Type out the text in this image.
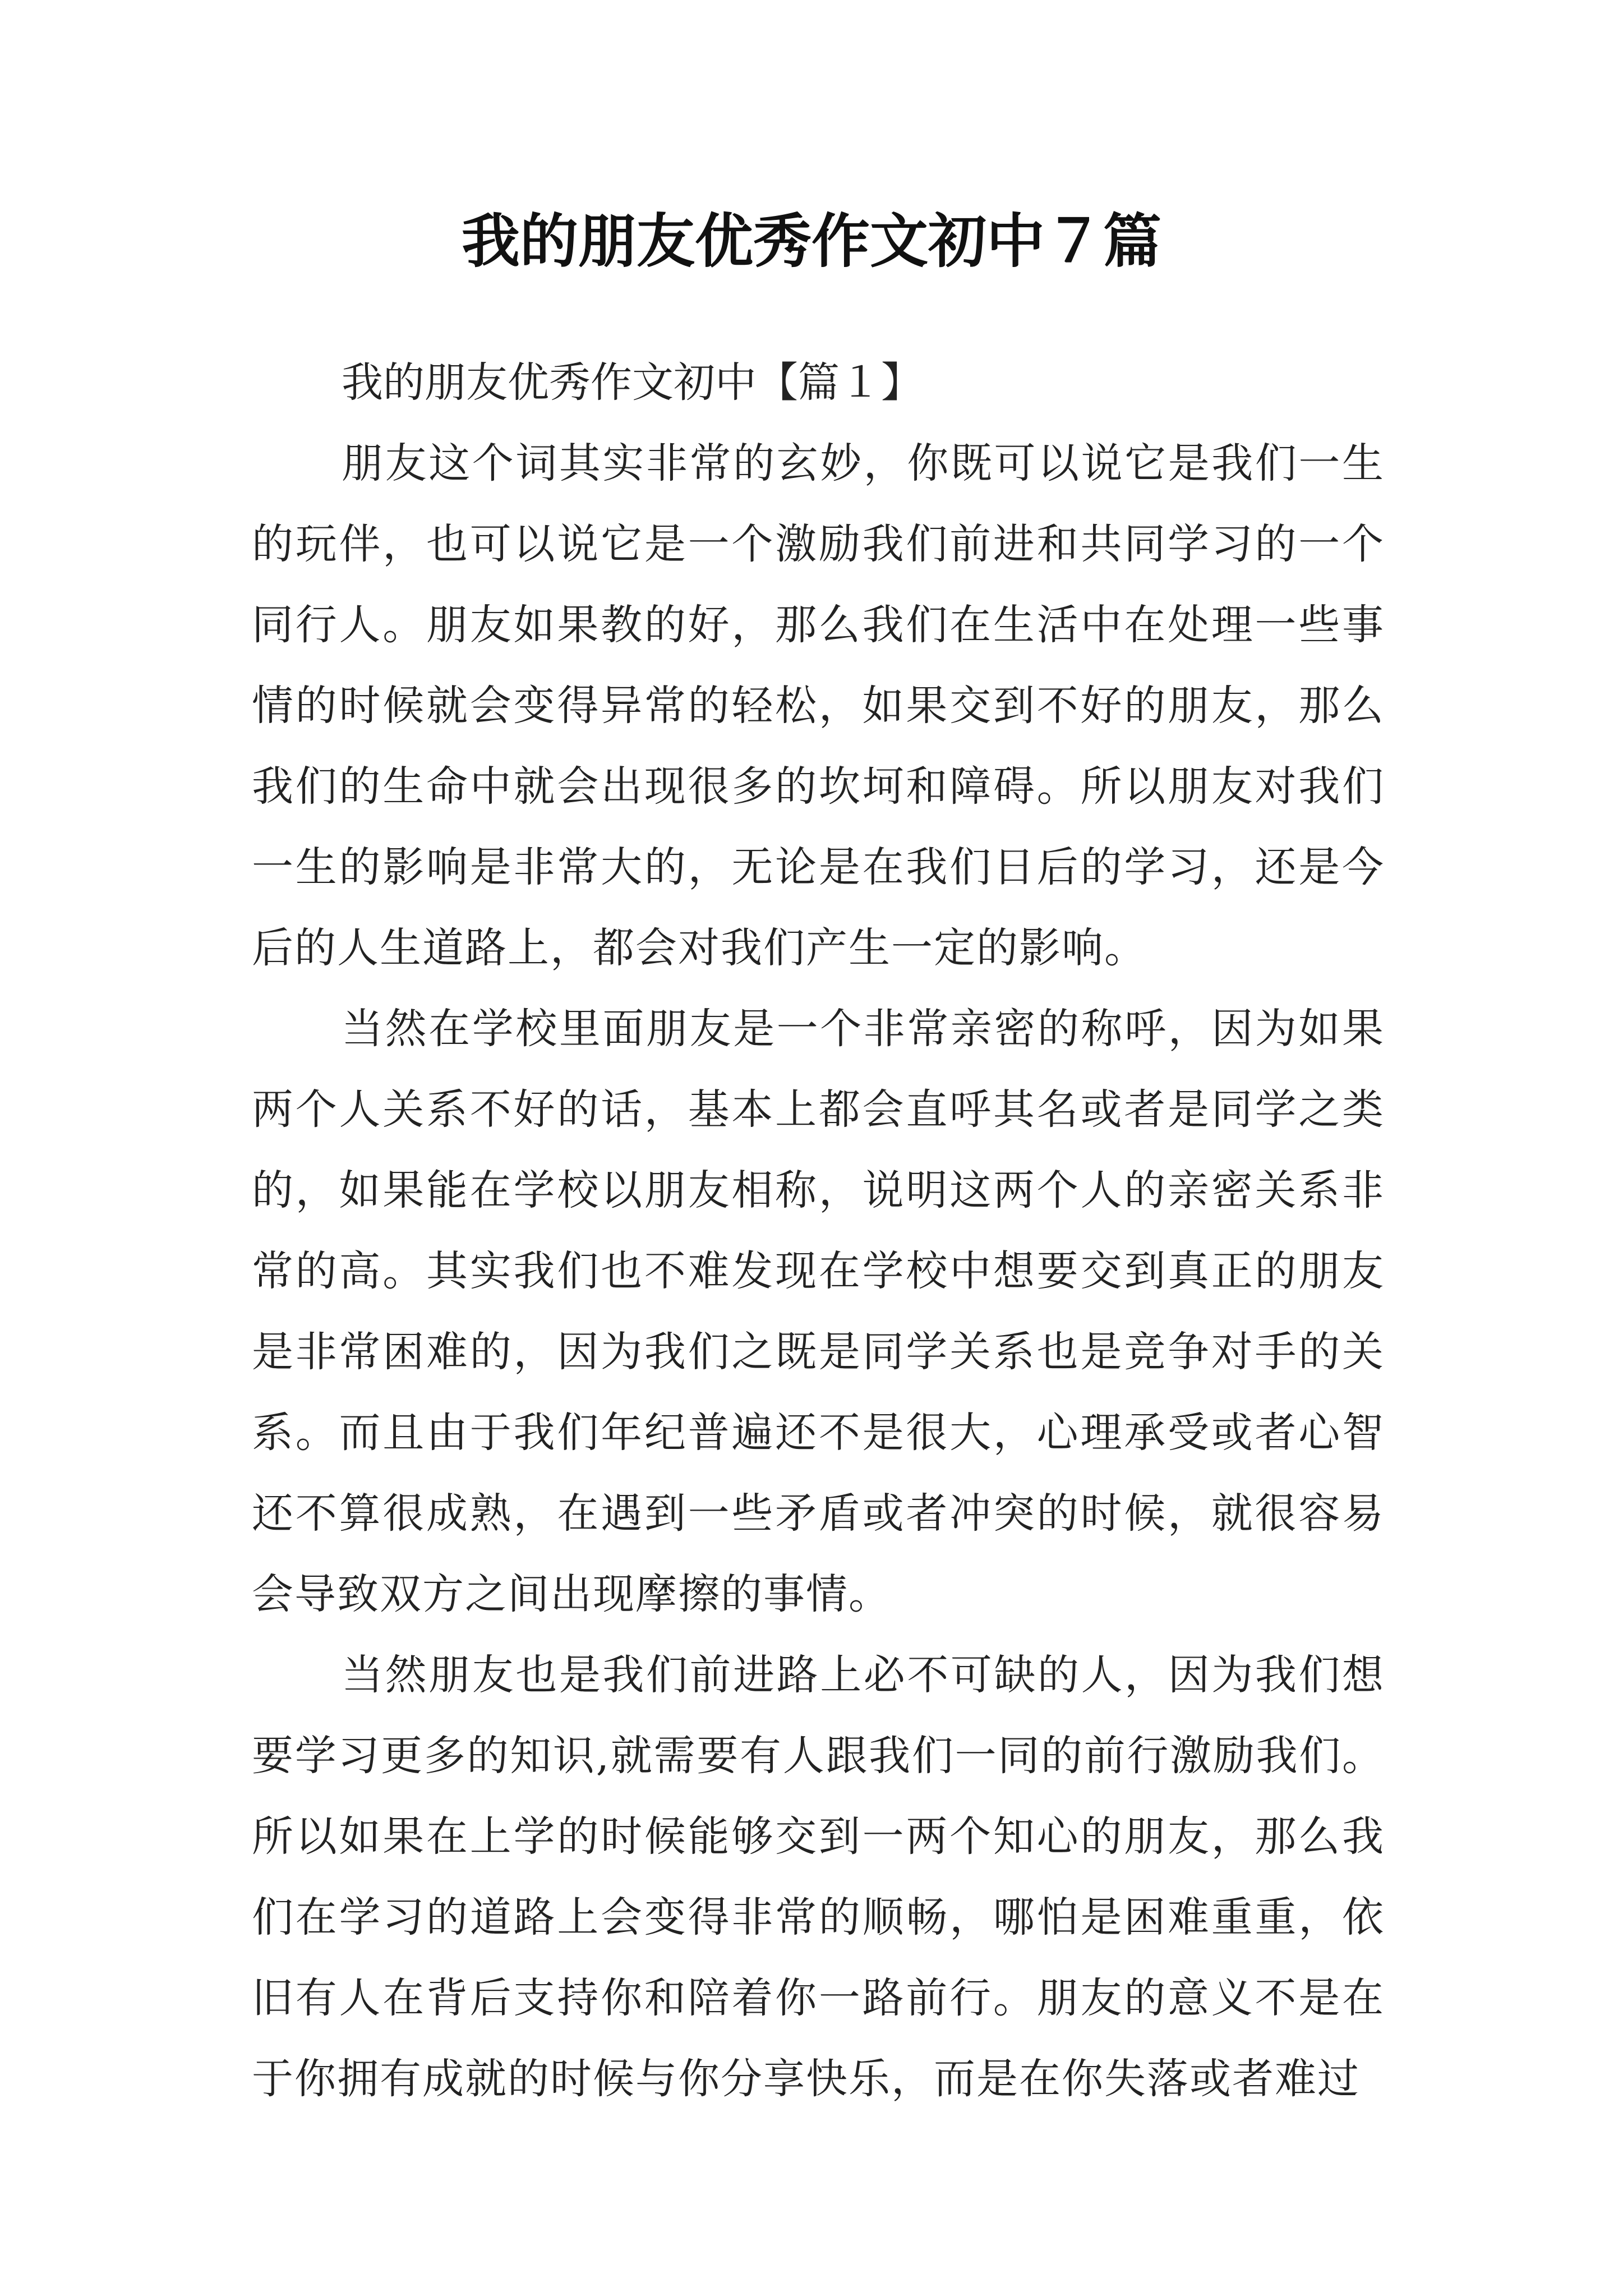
我的朋友优秀作文初中７篇

我的朋友优秀作文初中【篇１】

朋友这个词其实非常的玄妙，你既可以说它是我们一生的玩伴，也可以说它是一个激励我们前进和共同学习的一个同行人。朋友如果教的好，那么我们在生活中在处理一些事情的时候就会变得异常的轻松，如果交到不好的朋友，那么我们的生命中就会出现很多的坎坷和障碍。所以朋友对我们一生的影响是非常大的，无论是在我们日后的学习，还是今后的人生道路上，都会对我们产生一定的影响。

当然在学校里面朋友是一个非常亲密的称呼，因为如果两个人关系不好的话，基本上都会直呼其名或者是同学之类的，如果能在学校以朋友相称，说明这两个人的亲密关系非常的高。其实我们也不难发现在学校中想要交到真正的朋友是非常困难的，因为我们之既是同学关系也是竞争对手的关系。而且由于我们年纪普遍还不是很大，心理承受或者心智还不算很成熟，在遇到一些矛盾或者冲突的时候，就很容易会导致双方之间出现摩擦的事情。

当然朋友也是我们前进路上必不可缺的人，因为我们想要学习更多的知识,就需要有人跟我们一同的前行激励我们。所以如果在上学的时候能够交到一两个知心的朋友，那么我们在学习的道路上会变得非常的顺畅，哪怕是困难重重，依旧有人在背后支持你和陪着你一路前行。朋友的意义不是在于你拥有成就的时候与你分享快乐，而是在你失落或者难过
